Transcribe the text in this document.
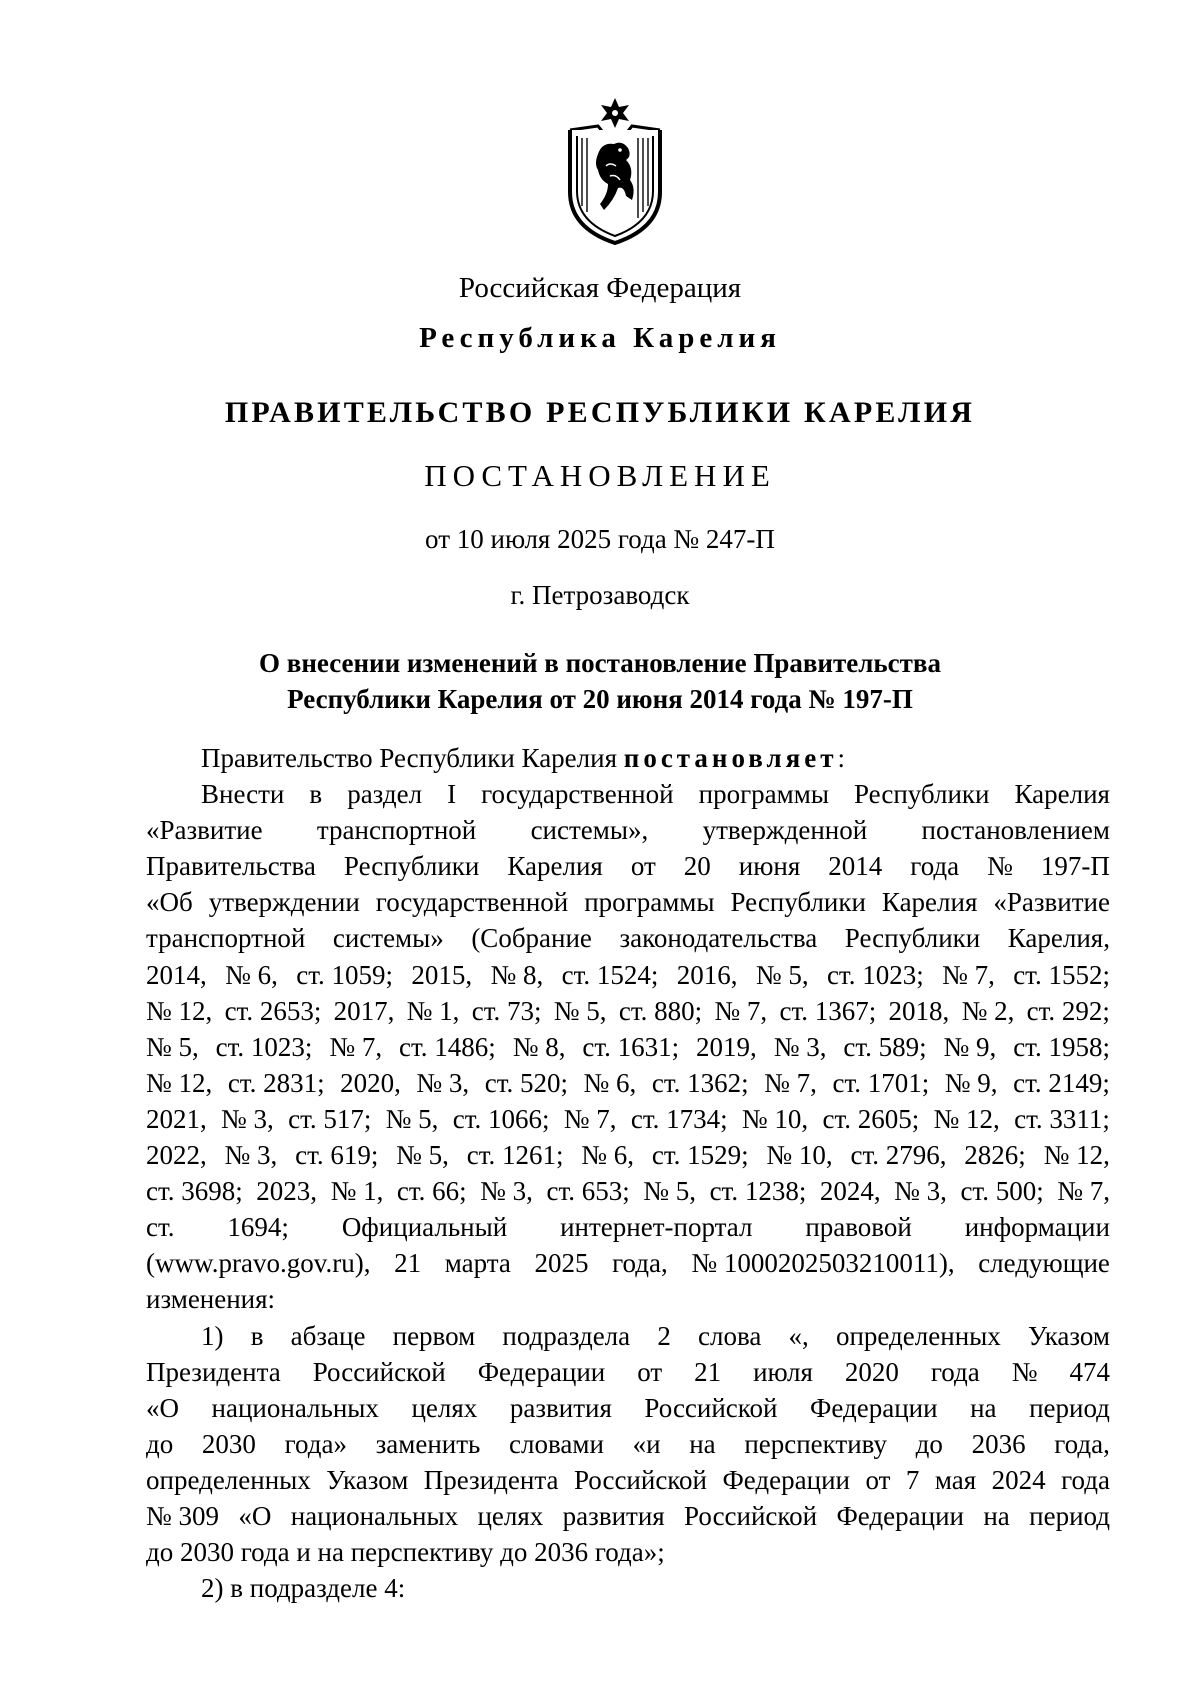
Российская Федерация
Республика Карелия
ПРАВИТЕЛЬСТВО РЕСПУБЛИКИ КАРЕЛИЯ
ПОСТАНОВЛЕНИЕ
от 10 июля 2025 года № 247-П
г. Петрозаводск
О внесении изменений в постановление Правительства
Республики Карелия от 20 июня 2014 года № 197-П
Правительство Республики Карелия постановляет:
Внести в раздел I государственной программы Республики Карелия
«Развитие транспортной системы», утвержденной постановлением
Правительства Республики Карелия от 20 июня 2014 года № 197-П
«Об утверждении государственной программы Республики Карелия «Развитие
транспортной системы» (Собрание законодательства Республики Карелия,
2014, № 6, ст. 1059; 2015, № 8, ст. 1524; 2016, № 5, ст. 1023; № 7, ст. 1552;
№ 12, ст. 2653; 2017, № 1, ст. 73; № 5, ст. 880; № 7, ст. 1367; 2018, № 2, ст. 292;
№ 5, ст. 1023; № 7, ст. 1486; № 8, ст. 1631; 2019, № 3, ст. 589; № 9, ст. 1958;
№ 12, ст. 2831; 2020, № 3, ст. 520; № 6, ст. 1362; № 7, ст. 1701; № 9, ст. 2149;
2021, № 3, ст. 517; № 5, ст. 1066; № 7, ст. 1734; № 10, ст. 2605; № 12, ст. 3311;
2022, № 3, ст. 619; № 5, ст. 1261; № 6, ст. 1529; № 10, ст. 2796, 2826; № 12,
ст. 3698; 2023, № 1, ст. 66; № 3, ст. 653; № 5, ст. 1238; 2024, № 3, ст. 500; № 7,
ст. 1694; Официальный интернет-портал правовой информации
(www.pravo.gov.ru), 21 марта 2025 года, № 1000202503210011), следующие
изменения:
1) в абзаце первом подраздела 2 слова «, определенных Указом
Президента Российской Федерации от 21 июля 2020 года № 474
«О национальных целях развития Российской Федерации на период
до 2030 года» заменить словами «и на перспективу до 2036 года,
определенных Указом Президента Российской Федерации от 7 мая 2024 года
№ 309 «О национальных целях развития Российской Федерации на период
до 2030 года и на перспективу до 2036 года»;
2) в подразделе 4:
